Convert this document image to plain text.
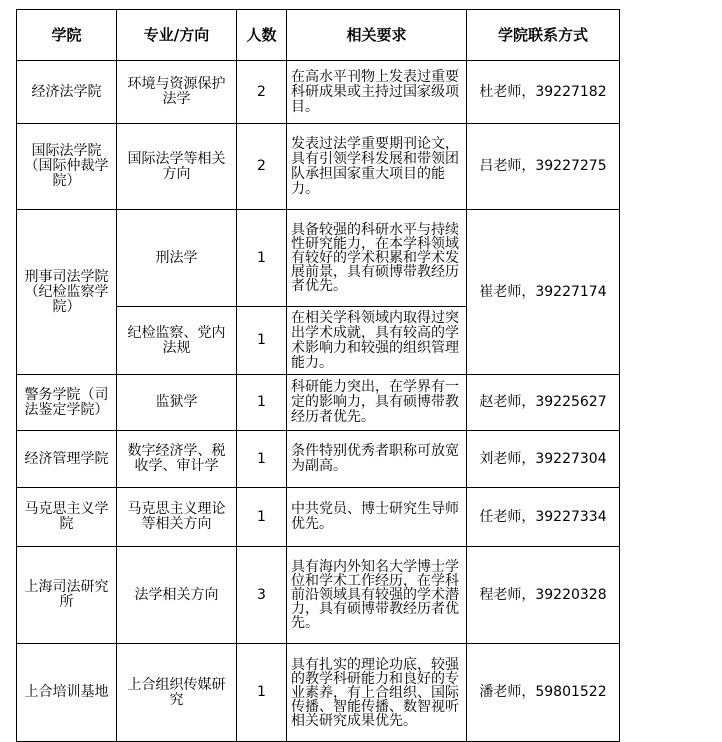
学院	专业/方向	人数	相关要求	学院联系方式
经济法学院	环境与资源保护法学	2	在高水平刊物上发表过重要科研成果或主持过国家级项目。	杜老师，39227182
国际法学院（国际仲裁学院）	国际法学等相关方向	2	发表过法学重要期刊论文，具有引领学科发展和带领团队承担国家重大项目的能力。	吕老师，39227275
刑事司法学院（纪检监察学院）	刑法学	1	具备较强的科研水平与持续性研究能力，在本学科领域有较好的学术积累和学术发展前景，具有硕博带教经历者优先。	崔老师，39227174
	纪检监察、党内法规	1	在相关学科领域内取得过突出学术成就，具有较高的学术影响力和较强的组织管理能力。	
警务学院（司法鉴定学院）	监狱学	1	科研能力突出，在学界有一定的影响力，具有硕博带教经历者优先。	赵老师，39225627
经济管理学院	数字经济学、税收学、审计学	1	条件特别优秀者职称可放宽为副高。	刘老师，39227304
马克思主义学院	马克思主义理论等相关方向	1	中共党员、博士研究生导师优先。	任老师，39227334
上海司法研究所	法学相关方向	3	具有海内外知名大学博士学位和学术工作经历，在学科前沿领域具有较强的学术潜力，具有硕博带教经历者优先。	程老师，39220328
上合培训基地	上合组织传媒研究	1	具有扎实的理论功底，较强的教学科研能力和良好的专业素养，有上合组织、国际传播、智能传播、数智视听相关研究成果优先。	潘老师，59801522
